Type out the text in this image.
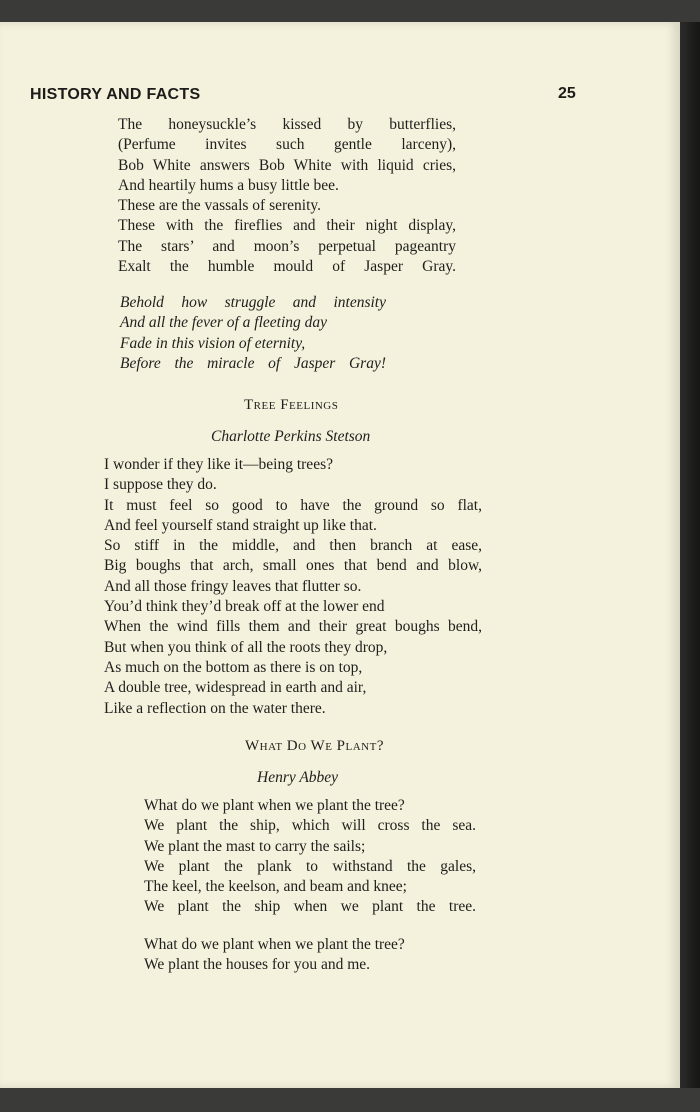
HISTORY AND FACTS	25
The honeysuckle’s kissed by butterflies,
(Perfume invites such gentle larceny),
Bob White answers Bob White with liquid cries,
And heartily hums a busy little bee.
These are the vassals of serenity.
These with the fireflies and their night display,
The stars’ and moon’s perpetual pageantry
Exalt the humble mould of Jasper Gray.
Behold how struggle and intensity
And all the fever of a fleeting day
Fade in this vision of eternity,
Before the miracle of Jasper Gray!
Tree Feelings
Charlotte Perkins Stetson
I wonder if they like it—being trees?
I suppose they do.
It must feel so good to have the ground so flat,
And feel yourself stand straight up like that.
So stiff in the middle, and then branch at ease,
Big boughs that arch, small ones that bend and blow,
And all those fringy leaves that flutter so.
You’d think they’d break off at the lower end
When the wind fills them and their great boughs bend,
But when you think of all the roots they drop,
As much on the bottom as there is on top,
A double tree, widespread in earth and air,
Like a reflection on the water there.
What Do We Plant?
Henry Abbey
What do we plant when we plant the tree?
We plant the ship, which will cross the sea.
We plant the mast to carry the sails;
We plant the plank to withstand the gales,
The keel, the keelson, and beam and knee;
We plant the ship when we plant the tree.
What do we plant when we plant the tree?
We plant the houses for you and me.
